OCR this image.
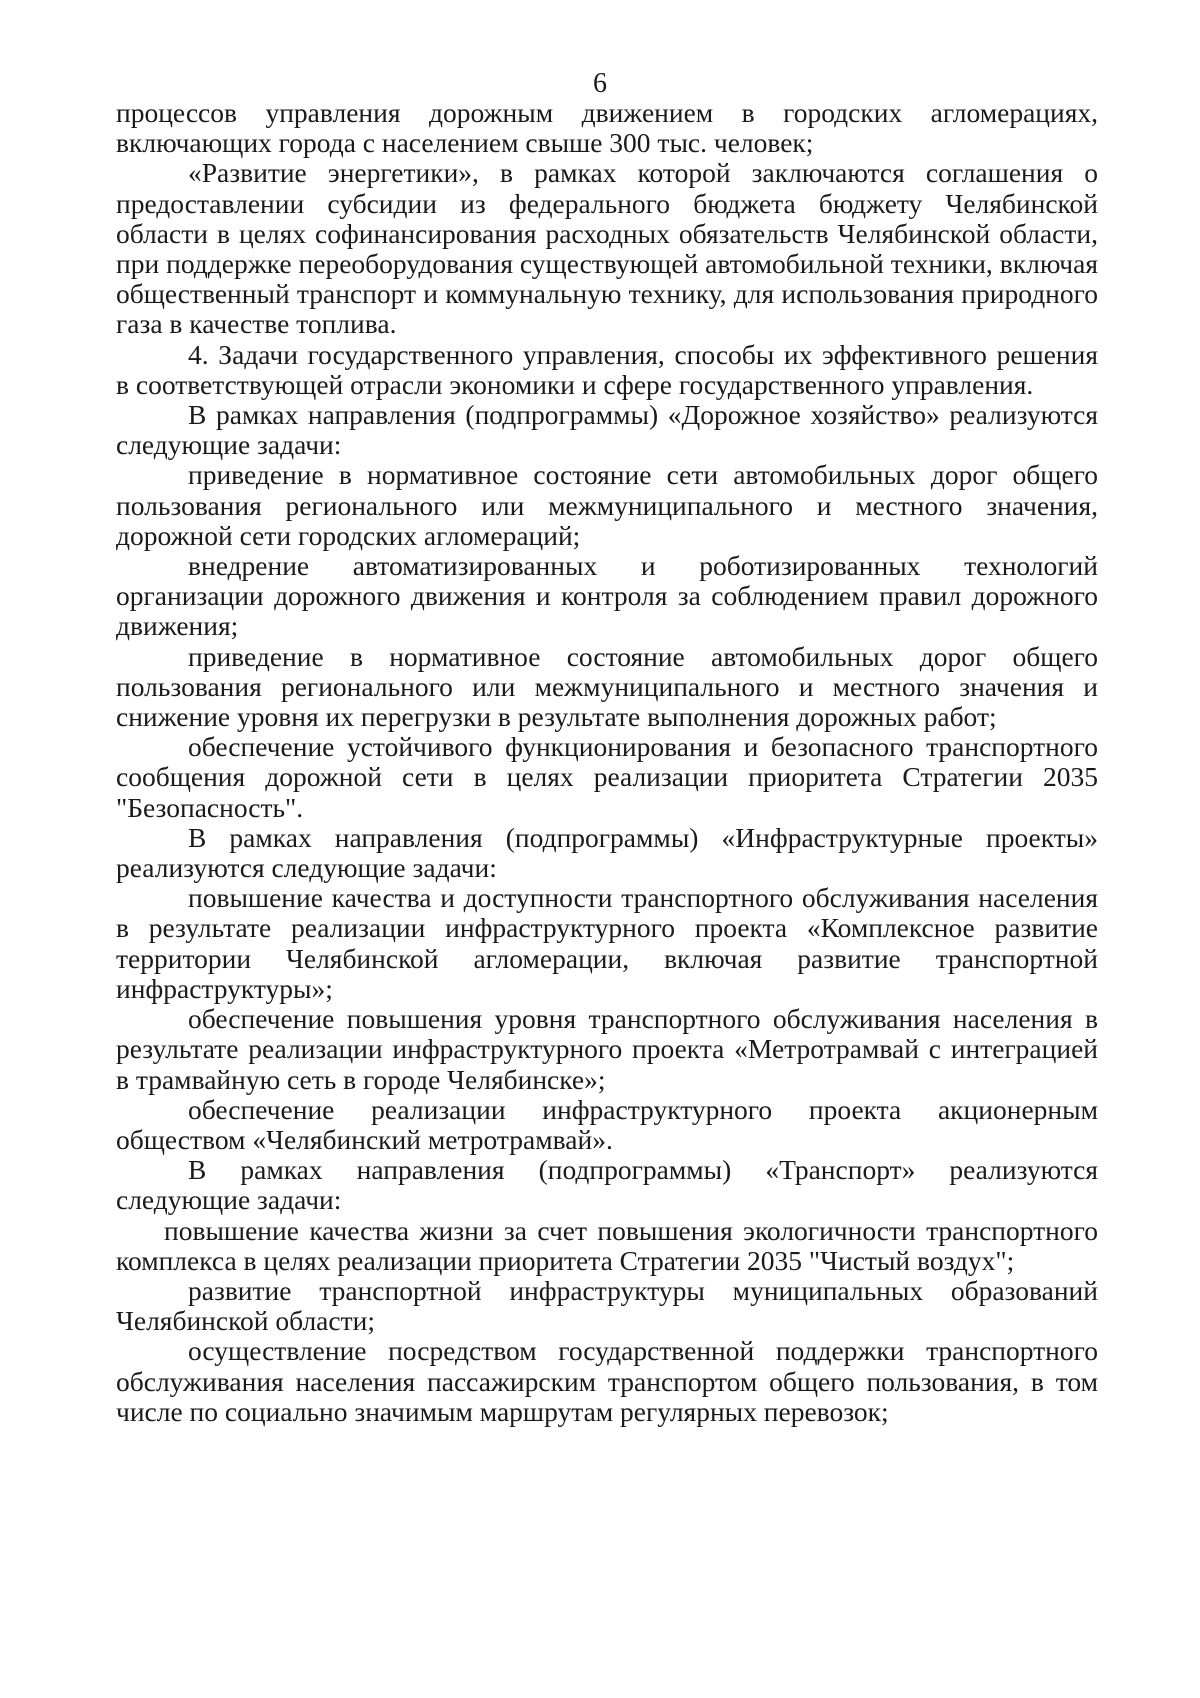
6

процессов управления дорожным движением в городских агломерациях, включающих города с населением свыше 300 тыс. человек;

«Развитие энергетики», в рамках которой заключаются соглашения о предоставлении субсидии из федерального бюджета бюджету Челябинской области в целях софинансирования расходных обязательств Челябинской области, при поддержке переоборудования существующей автомобильной техники, включая общественный транспорт и коммунальную технику, для использования природного газа в качестве топлива.

4. Задачи государственного управления, способы их эффективного решения в соответствующей отрасли экономики и сфере государственного управления.

В рамках направления (подпрограммы) «Дорожное хозяйство» реализуются следующие задачи:

приведение в нормативное состояние сети автомобильных дорог общего пользования регионального или межмуниципального и местного значения, дорожной сети городских агломераций;

внедрение автоматизированных и роботизированных технологий организации дорожного движения и контроля за соблюдением правил дорожного движения;

приведение в нормативное состояние автомобильных дорог общего пользования регионального или межмуниципального и местного значения и снижение уровня их перегрузки в результате выполнения дорожных работ;

обеспечение устойчивого функционирования и безопасного транспортного сообщения дорожной сети в целях реализации приоритета Стратегии 2035 "Безопасность".

В рамках направления (подпрограммы) «Инфраструктурные проекты» реализуются следующие задачи:

повышение качества и доступности транспортного обслуживания населения в результате реализации инфраструктурного проекта «Комплексное развитие территории Челябинской агломерации, включая развитие транспортной инфраструктуры»;

обеспечение повышения уровня транспортного обслуживания населения в результате реализации инфраструктурного проекта «Метротрамвай с интеграцией в трамвайную сеть в городе Челябинске»;

обеспечение реализации инфраструктурного проекта акционерным обществом «Челябинский метротрамвай».

В рамках направления (подпрограммы) «Транспорт» реализуются следующие задачи:

повышение качества жизни за счет повышения экологичности транспортного комплекса в целях реализации приоритета Стратегии 2035 "Чистый воздух";

развитие транспортной инфраструктуры муниципальных образований Челябинской области;

осуществление посредством государственной поддержки транспортного обслуживания населения пассажирским транспортом общего пользования, в том числе по социально значимым маршрутам регулярных перевозок;
